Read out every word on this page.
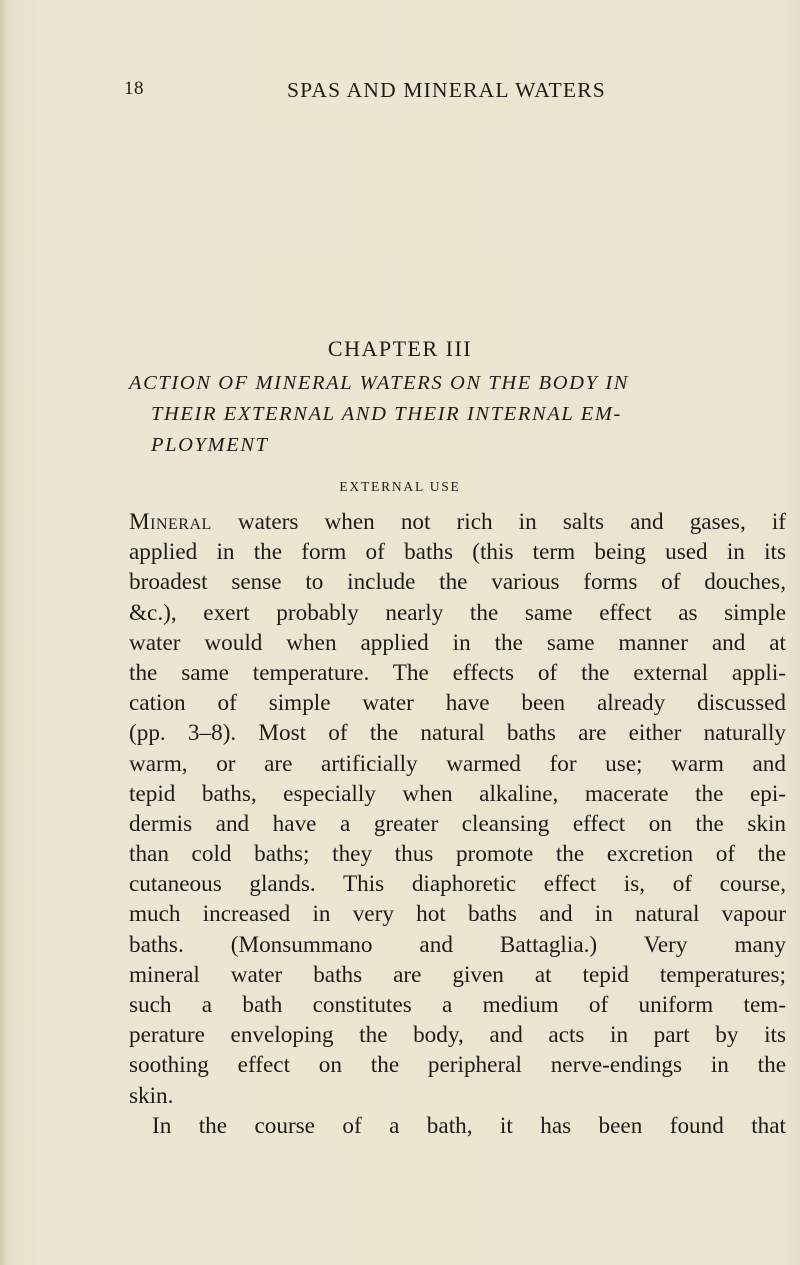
18	SPAS AND MINERAL WATERS
CHAPTER III
ACTION OF MINERAL WATERS ON THE BODY IN
THEIR EXTERNAL AND THEIR INTERNAL EM-
PLOYMENT
EXTERNAL USE
Mineral waters when not rich in salts and gases, if
applied in the form of baths (this term being used in its
broadest sense to include the various forms of douches,
&c.), exert probably nearly the same effect as simple
water would when applied in the same manner and at
the same temperature. The effects of the external appli-
cation of simple water have been already discussed
(pp. 3–8). Most of the natural baths are either naturally
warm, or are artificially warmed for use; warm and
tepid baths, especially when alkaline, macerate the epi-
dermis and have a greater cleansing effect on the skin
than cold baths; they thus promote the excretion of the
cutaneous glands. This diaphoretic effect is, of course,
much increased in very hot baths and in natural vapour
baths. (Monsummano and Battaglia.) Very many
mineral water baths are given at tepid temperatures;
such a bath constitutes a medium of uniform tem-
perature enveloping the body, and acts in part by its
soothing effect on the peripheral nerve-endings in the
skin.
In the course of a bath, it has been found that
